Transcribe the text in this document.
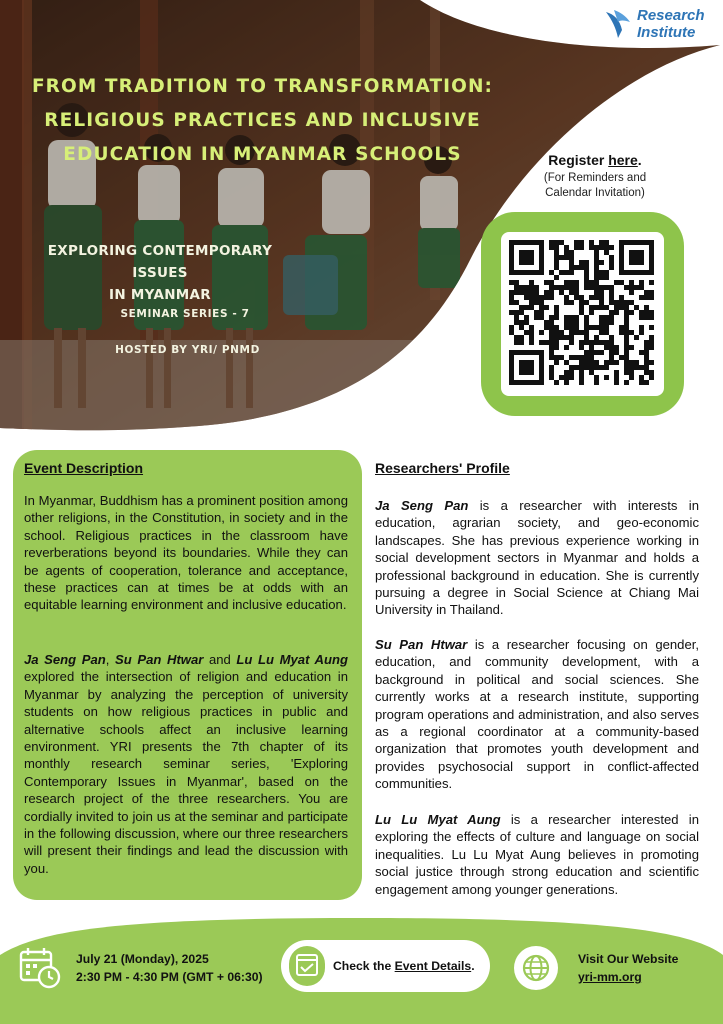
FROM TRADITION TO TRANSFORMATION:
RELIGIOUS PRACTICES AND INCLUSIVE
EDUCATION IN MYANMAR SCHOOLS
EXPLORING CONTEMPORARY ISSUES
IN MYANMAR
SEMINAR SERIES - 7
HOSTED BY YRI/ PNMD
Research
Institute
Register here.
(For Reminders and
Calendar Invitation)
Event Description
In Myanmar, Buddhism has a prominent position among other religions, in the Constitution, in society and in the school. Religious practices in the classroom have reverberations beyond its boundaries. While they can be agents of cooperation, tolerance and acceptance, these practices can at times be at odds with an equitable learning environment and inclusive education.
Ja Seng Pan, Su Pan Htwar and Lu Lu Myat Aung explored the intersection of religion and education in Myanmar by analyzing the perception of university students on how religious practices in public and alternative schools affect an inclusive learning environment. YRI presents the 7th chapter of its monthly research seminar series, 'Exploring Contemporary Issues in Myanmar', based on the research project of the three researchers. You are cordially invited to join us at the seminar and participate in the following discussion, where our three researchers will present their findings and lead the discussion with you.
Researchers' Profile
Ja Seng Pan is a researcher with interests in education, agrarian society, and geo-economic landscapes. She has previous experience working in social development sectors in Myanmar and holds a professional background in education. She is currently pursuing a degree in Social Science at Chiang Mai University in Thailand.
Su Pan Htwar is a researcher focusing on gender, education, and community development, with a background in political and social sciences. She currently works at a research institute, supporting program operations and administration, and also serves as a regional coordinator at a community-based organization that promotes youth development and provides psychosocial support in conflict-affected communities.
Lu Lu Myat Aung is a researcher interested in exploring the effects of culture and language on social inequalities. Lu Lu Myat Aung believes in promoting social justice through strong education and scientific engagement among younger generations.
July 21 (Monday), 2025
2:30 PM - 4:30 PM (GMT + 06:30)
Check the Event Details.	Visit Our Website
yri-mm.org
